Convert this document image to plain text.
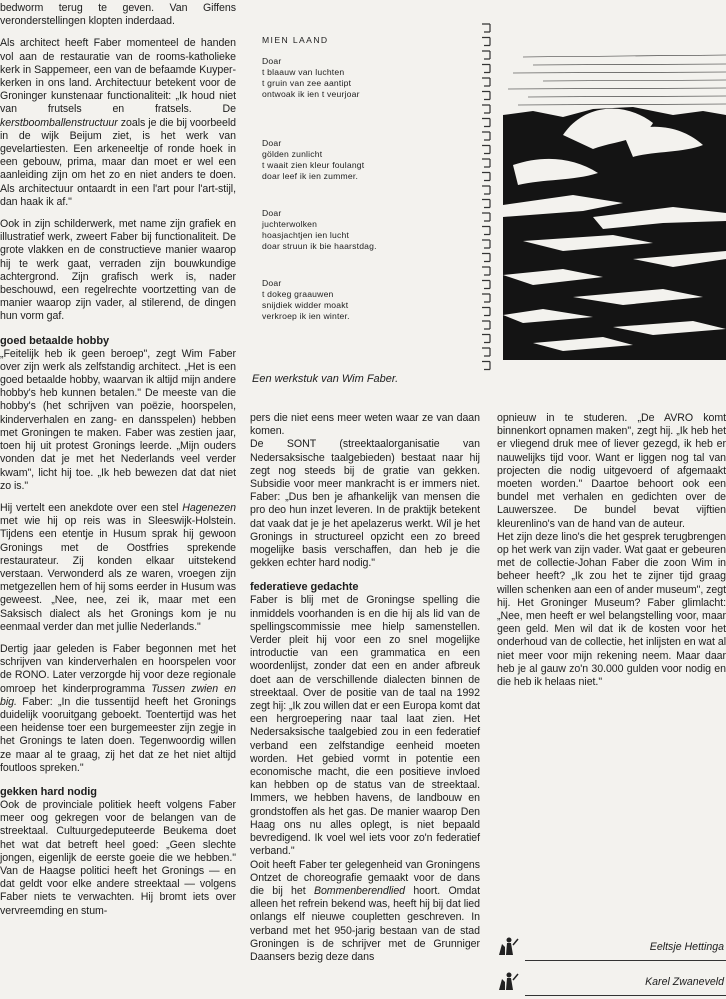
bedworm terug te geven. Van Giffens veronderstellingen klopten inderdaad.

Als architect heeft Faber momenteel de handen vol aan de restauratie van de rooms-katholieke kerk in Sappemeer, een van de befaamde Kuyper-kerken in ons land. Architectuur betekent voor de Groninger kunstenaar functionaliteit: „Ik houd niet van frutsels en fratsels. De kerstboomballenstructuur zoals je die bij voorbeeld in de wijk Beijum ziet, is het werk van gevelartiesten. Een arkeneeltje of ronde hoek in een gebouw, prima, maar dan moet er wel een aanleiding zijn om het zo en niet anders te doen. Als architectuur ontaardt in een l'art pour l'art-stijl, dan haak ik af."

Ook in zijn schilderwerk, met name zijn grafiek en illustratief werk, zweert Faber bij functionaliteit. De grote vlakken en de constructieve manier waarop hij te werk gaat, verraden zijn bouwkundige achtergrond. Zijn grafisch werk is, nader beschouwd, een regelrechte voortzetting van de manier waarop zijn vader, al stilerend, de dingen hun vorm gaf.

goed betaalde hobby

„Feitelijk heb ik geen beroep", zegt Wim Faber over zijn werk als zelfstandig architect. „Het is een goed betaalde hobby, waarvan ik altijd mijn andere hobby's heb kunnen betalen." De meeste van die hobby's (het schrijven van poëzie, hoorspelen, kinderverhalen en zang- en dansspelen) hebben met Groningen te maken. Faber was zestien jaar, toen hij uit protest Gronings leerde. „Mijn ouders vonden dat je met het Nederlands veel verder kwam", licht hij toe. „Ik heb bewezen dat dat niet zo is."

Hij vertelt een anekdote over een stel Hagenezen met wie hij op reis was in Sleeswijk-Holstein. Tijdens een etentje in Husum sprak hij gewoon Gronings met de Oostfries sprekende restaurateur. Zij konden elkaar uitstekend verstaan. Verwonderd als ze waren, vroegen zijn metgezellen hem of hij soms eerder in Husum was geweest. „Nee, nee, zei ik, maar met een Saksisch dialect als het Gronings kom je nu eenmaal verder dan met jullie Nederlands."

Dertig jaar geleden is Faber begonnen met het schrijven van kinderverhalen en hoorspelen voor de RONO. Later verzorgde hij voor deze regionale omroep het kinderprogramma Tussen zwien en big. Faber: „In die tussentijd heeft het Gronings duidelijk vooruitgang geboekt. Toentertijd was het een heidense toer een burgemeester zijn zegje in het Gronings te laten doen. Tegenwoordig willen ze maar al te graag, zij het dat ze het niet altijd foutloos spreken."

gekken hard nodig

Ook de provinciale politiek heeft volgens Faber meer oog gekregen voor de belangen van de streektaal. Cultuurgedeputeerde Beukema doet het wat dat betreft heel goed: „Geen slechte jongen, eigenlijk de eerste goeie die we hebben." Van de Haagse politici heeft het Gronings — en dat geldt voor elke andere streektaal — volgens Faber niets te verwachten. Hij bromt iets over vervreemding en stum-

MIEN LAAND
Doar
t blaauw van luchten
t gruin van zee aantipt
ontwoak ik ien t veurjoar
Doar
gölden zunlicht
t waait zien kleur foulangt
doar leef ik ien zummer.
Doar
juchterwolken
hoasjachtjen ien lucht
doar struun ik bie haarstdag.
Doar
t dokeg graauwen
snijdiek widder moakt
verkroep ik ien winter.
Een werkstuk van Wim Faber.

pers die niet eens meer weten waar ze van daan komen.

De SONT (streektaalorganisatie van Nedersaksische taalgebieden) bestaat naar hij zegt nog steeds bij de gratie van gekken. Subsidie voor meer mankracht is er immers niet. Faber: „Dus ben je afhankelijk van mensen die pro deo hun inzet leveren. In de praktijk betekent dat vaak dat je je het apelazerus werkt. Wil je het Gronings in structureel opzicht een zo breed mogelijke basis verschaffen, dan heb je die gekken echter hard nodig."

federatieve gedachte

Faber is blij met de Groningse spelling die inmiddels voorhanden is en die hij als lid van de spellingscommissie mee hielp samenstellen. Verder pleit hij voor een zo snel mogelijke introductie van een grammatica en een woordenlijst, zonder dat een en ander afbreuk doet aan de verschillende dialecten binnen de streektaal. Over de positie van de taal na 1992 zegt hij: „Ik zou willen dat er een Europa komt dat een hergroepering naar taal laat zien. Het Nedersaksische taalgebied zou in een federatief verband een zelfstandige eenheid moeten worden. Het gebied vormt in potentie een economische macht, die een positieve invloed kan hebben op de status van de streektaal. Immers, we hebben havens, de landbouw en grondstoffen als het gas. De manier waarop Den Haag ons nu alles oplegt, is niet bepaald bevredigend. Ik voel wel iets voor zo'n federatief verband."

Ooit heeft Faber ter gelegenheid van Groningens Ontzet de choreografie gemaakt voor de dans die bij het Bommenberendlied hoort. Omdat alleen het refrein bekend was, heeft hij bij dat lied onlangs elf nieuwe coupletten geschreven. In verband met het 950-jarig bestaan van de stad Groningen is de schrijver met de Grunniger Daansers bezig deze dans

opnieuw in te studeren. „De AVRO komt binnenkort opnamen maken", zegt hij. „Ik heb het er vliegend druk mee of liever gezegd, ik heb er nauwelijks tijd voor. Want er liggen nog tal van projecten die nodig uitgevoerd of afgemaakt moeten worden." Daartoe behoort ook een bundel met verhalen en gedichten over de Lauwerszee. De bundel bevat vijftien kleurenlino's van de hand van de auteur.

Het zijn deze lino's die het gesprek terugbrengen op het werk van zijn vader. Wat gaat er gebeuren met de collectie-Johan Faber die zoon Wim in beheer heeft? „Ik zou het te zijner tijd graag willen schenken aan een of ander museum", zegt hij. Het Groninger Museum? Faber glimlacht: „Nee, men heeft er wel belangstelling voor, maar geen geld. Men wil dat ik de kosten voor het onderhoud van de collectie, het inlijsten en wat al niet meer voor mijn rekening neem. Maar daar heb je al gauw zo'n 30.000 gulden voor nodig en die heb ik helaas niet."

Eeltsje Hettinga
Karel Zwaneveld
